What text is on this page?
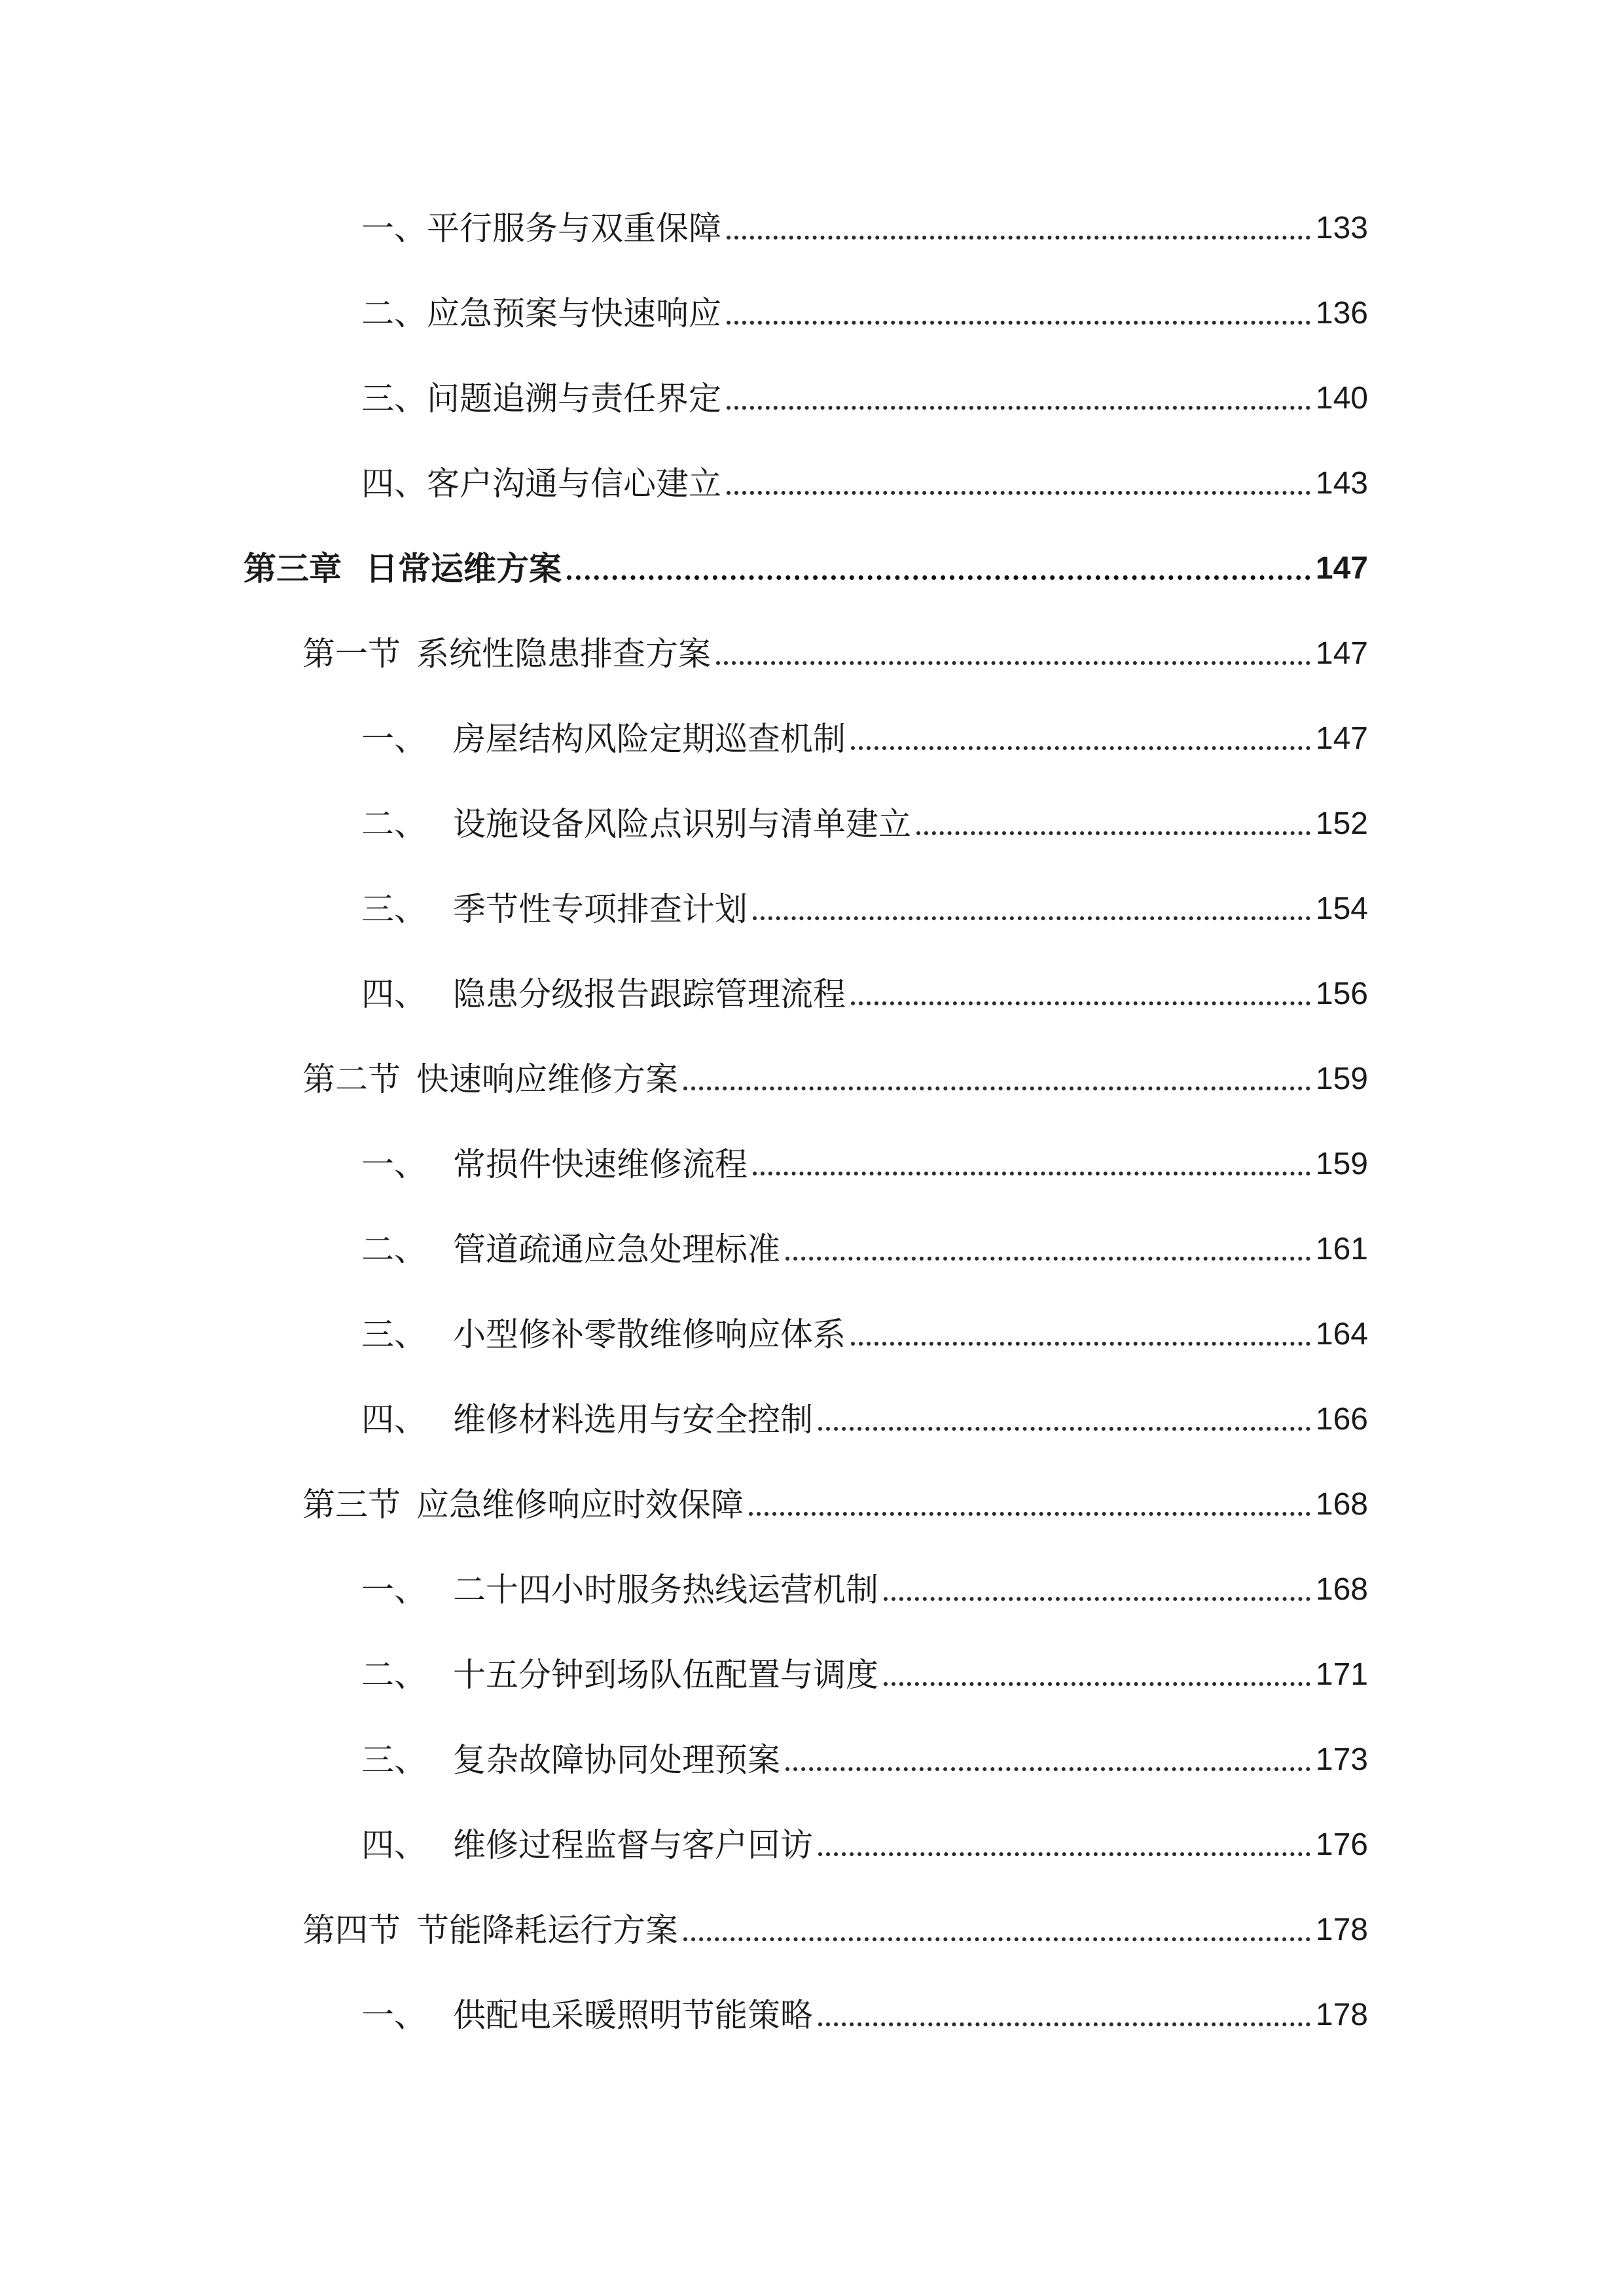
一、 平行服务与双重保障	133
二、 应急预案与快速响应	136
三、 问题追溯与责任界定	140
四、 客户沟通与信心建立	143
第三章 日常运维方案	147
第一节 系统性隐患排查方案	147
一、 房屋结构风险定期巡查机制	147
二、 设施设备风险点识别与清单建立	152
三、 季节性专项排查计划	154
四、 隐患分级报告跟踪管理流程	156
第二节 快速响应维修方案	159
一、 常损件快速维修流程	159
二、 管道疏通应急处理标准	161
三、 小型修补零散维修响应体系	164
四、 维修材料选用与安全控制	166
第三节 应急维修响应时效保障	168
一、 二十四小时服务热线运营机制	168
二、 十五分钟到场队伍配置与调度	171
三、 复杂故障协同处理预案	173
四、 维修过程监督与客户回访	176
第四节 节能降耗运行方案	178
一、 供配电采暖照明节能策略	178
